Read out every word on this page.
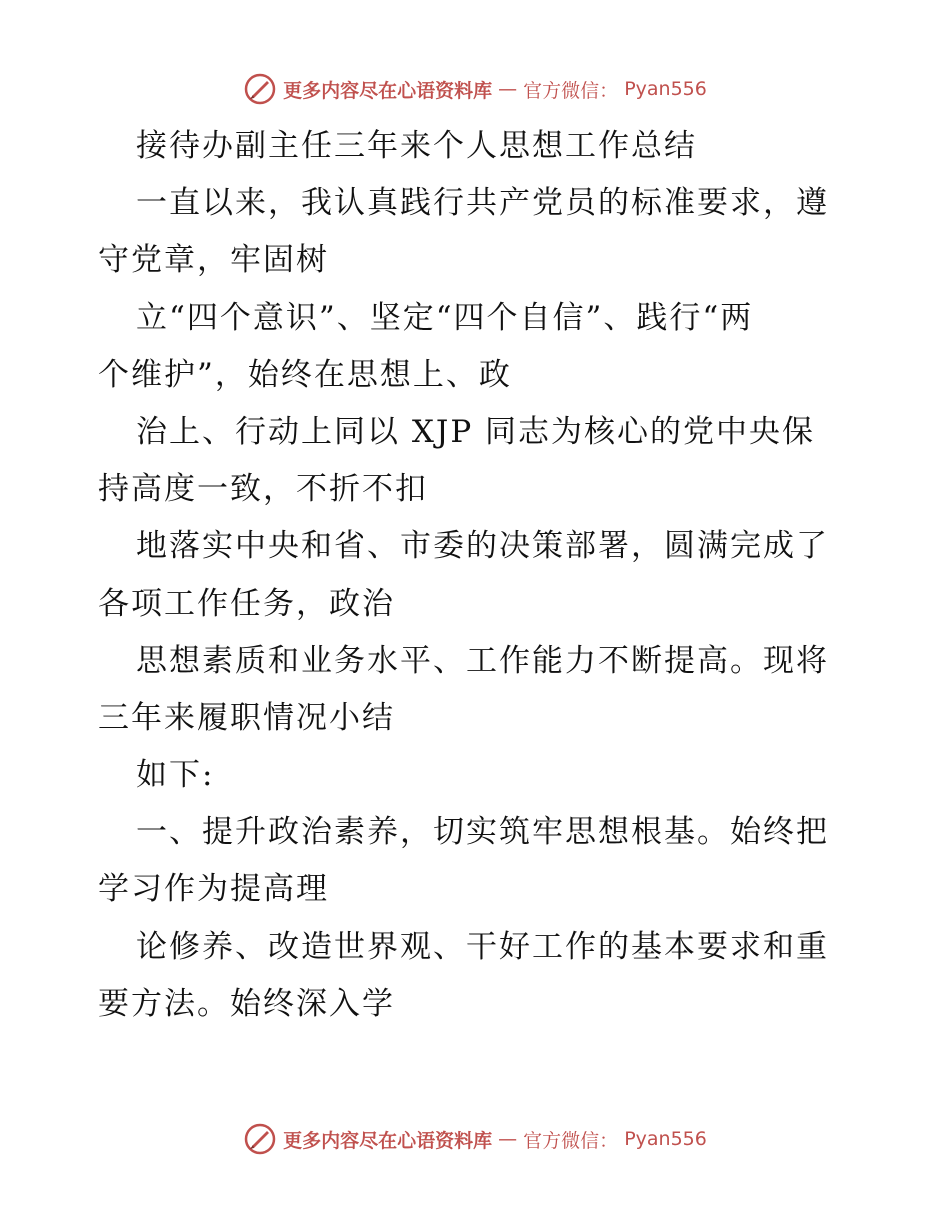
更多内容尽在心语资料库 — 官方微信： Pyan556
接待办副主任三年来个人思想工作总结
一直以来，我认真践行共产党员的标准要求，遵
守党章，牢固树
立“四个意识”、坚定“四个自信”、践行“两
个维护”，始终在思想上、政
治上、行动上同以 XJP 同志为核心的党中央保
持高度一致，不折不扣
地落实中央和省、市委的决策部署，圆满完成了
各项工作任务，政治
思想素质和业务水平、工作能力不断提高。现将
三年来履职情况小结
如下:
一、提升政治素养，切实筑牢思想根基。始终把
学习作为提高理
论修养、改造世界观、干好工作的基本要求和重
要方法。始终深入学
更多内容尽在心语资料库 — 官方微信： Pyan556
